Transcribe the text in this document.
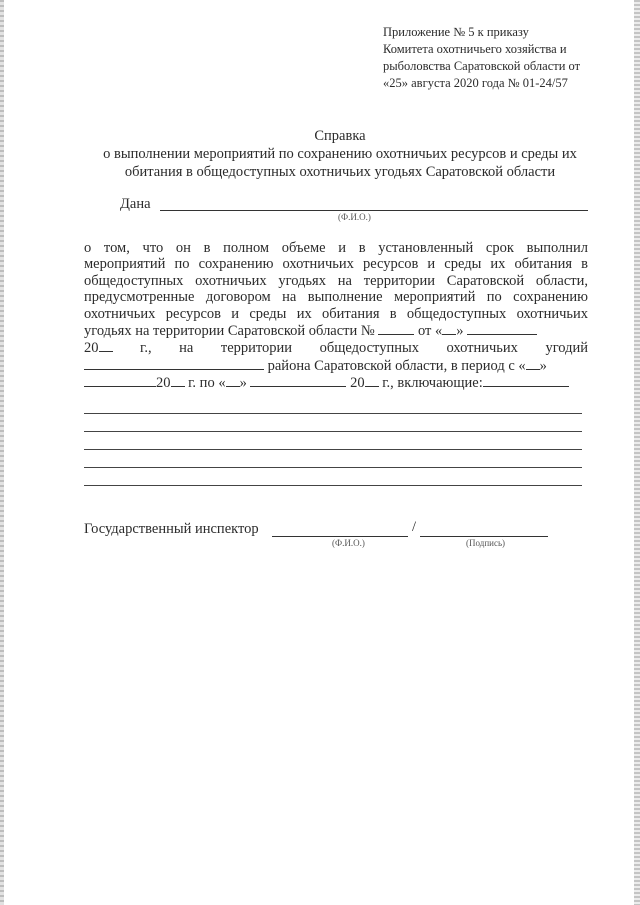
Приложение № 5 к приказу
Комитета охотничьего хозяйства и
рыболовства Саратовской области от
«25» августа 2020 года № 01-24/57
Справка
о выполнении мероприятий по сохранению охотничьих ресурсов и среды их
обитания в общедоступных охотничьих угодьях Саратовской области
Дана
(Ф.И.О.)
о том, что он в полном объеме и в установленный срок выполнил
мероприятий по сохранению охотничьих ресурсов и среды их обитания в
общедоступных охотничьих угодьях на территории Саратовской области,
предусмотренные договором на выполнение мероприятий по сохранению
охотничьих ресурсов и среды их обитания в общедоступных охотничьих
угодьях на территории Саратовской области №	от « »
20	г., на территории общедоступных охотничьих угодий
района Саратовской области, в период с « »
20 г. по « »	20 г., включающие:
Государственный инспектор	/
(Ф.И.О.)	(Подпись)
